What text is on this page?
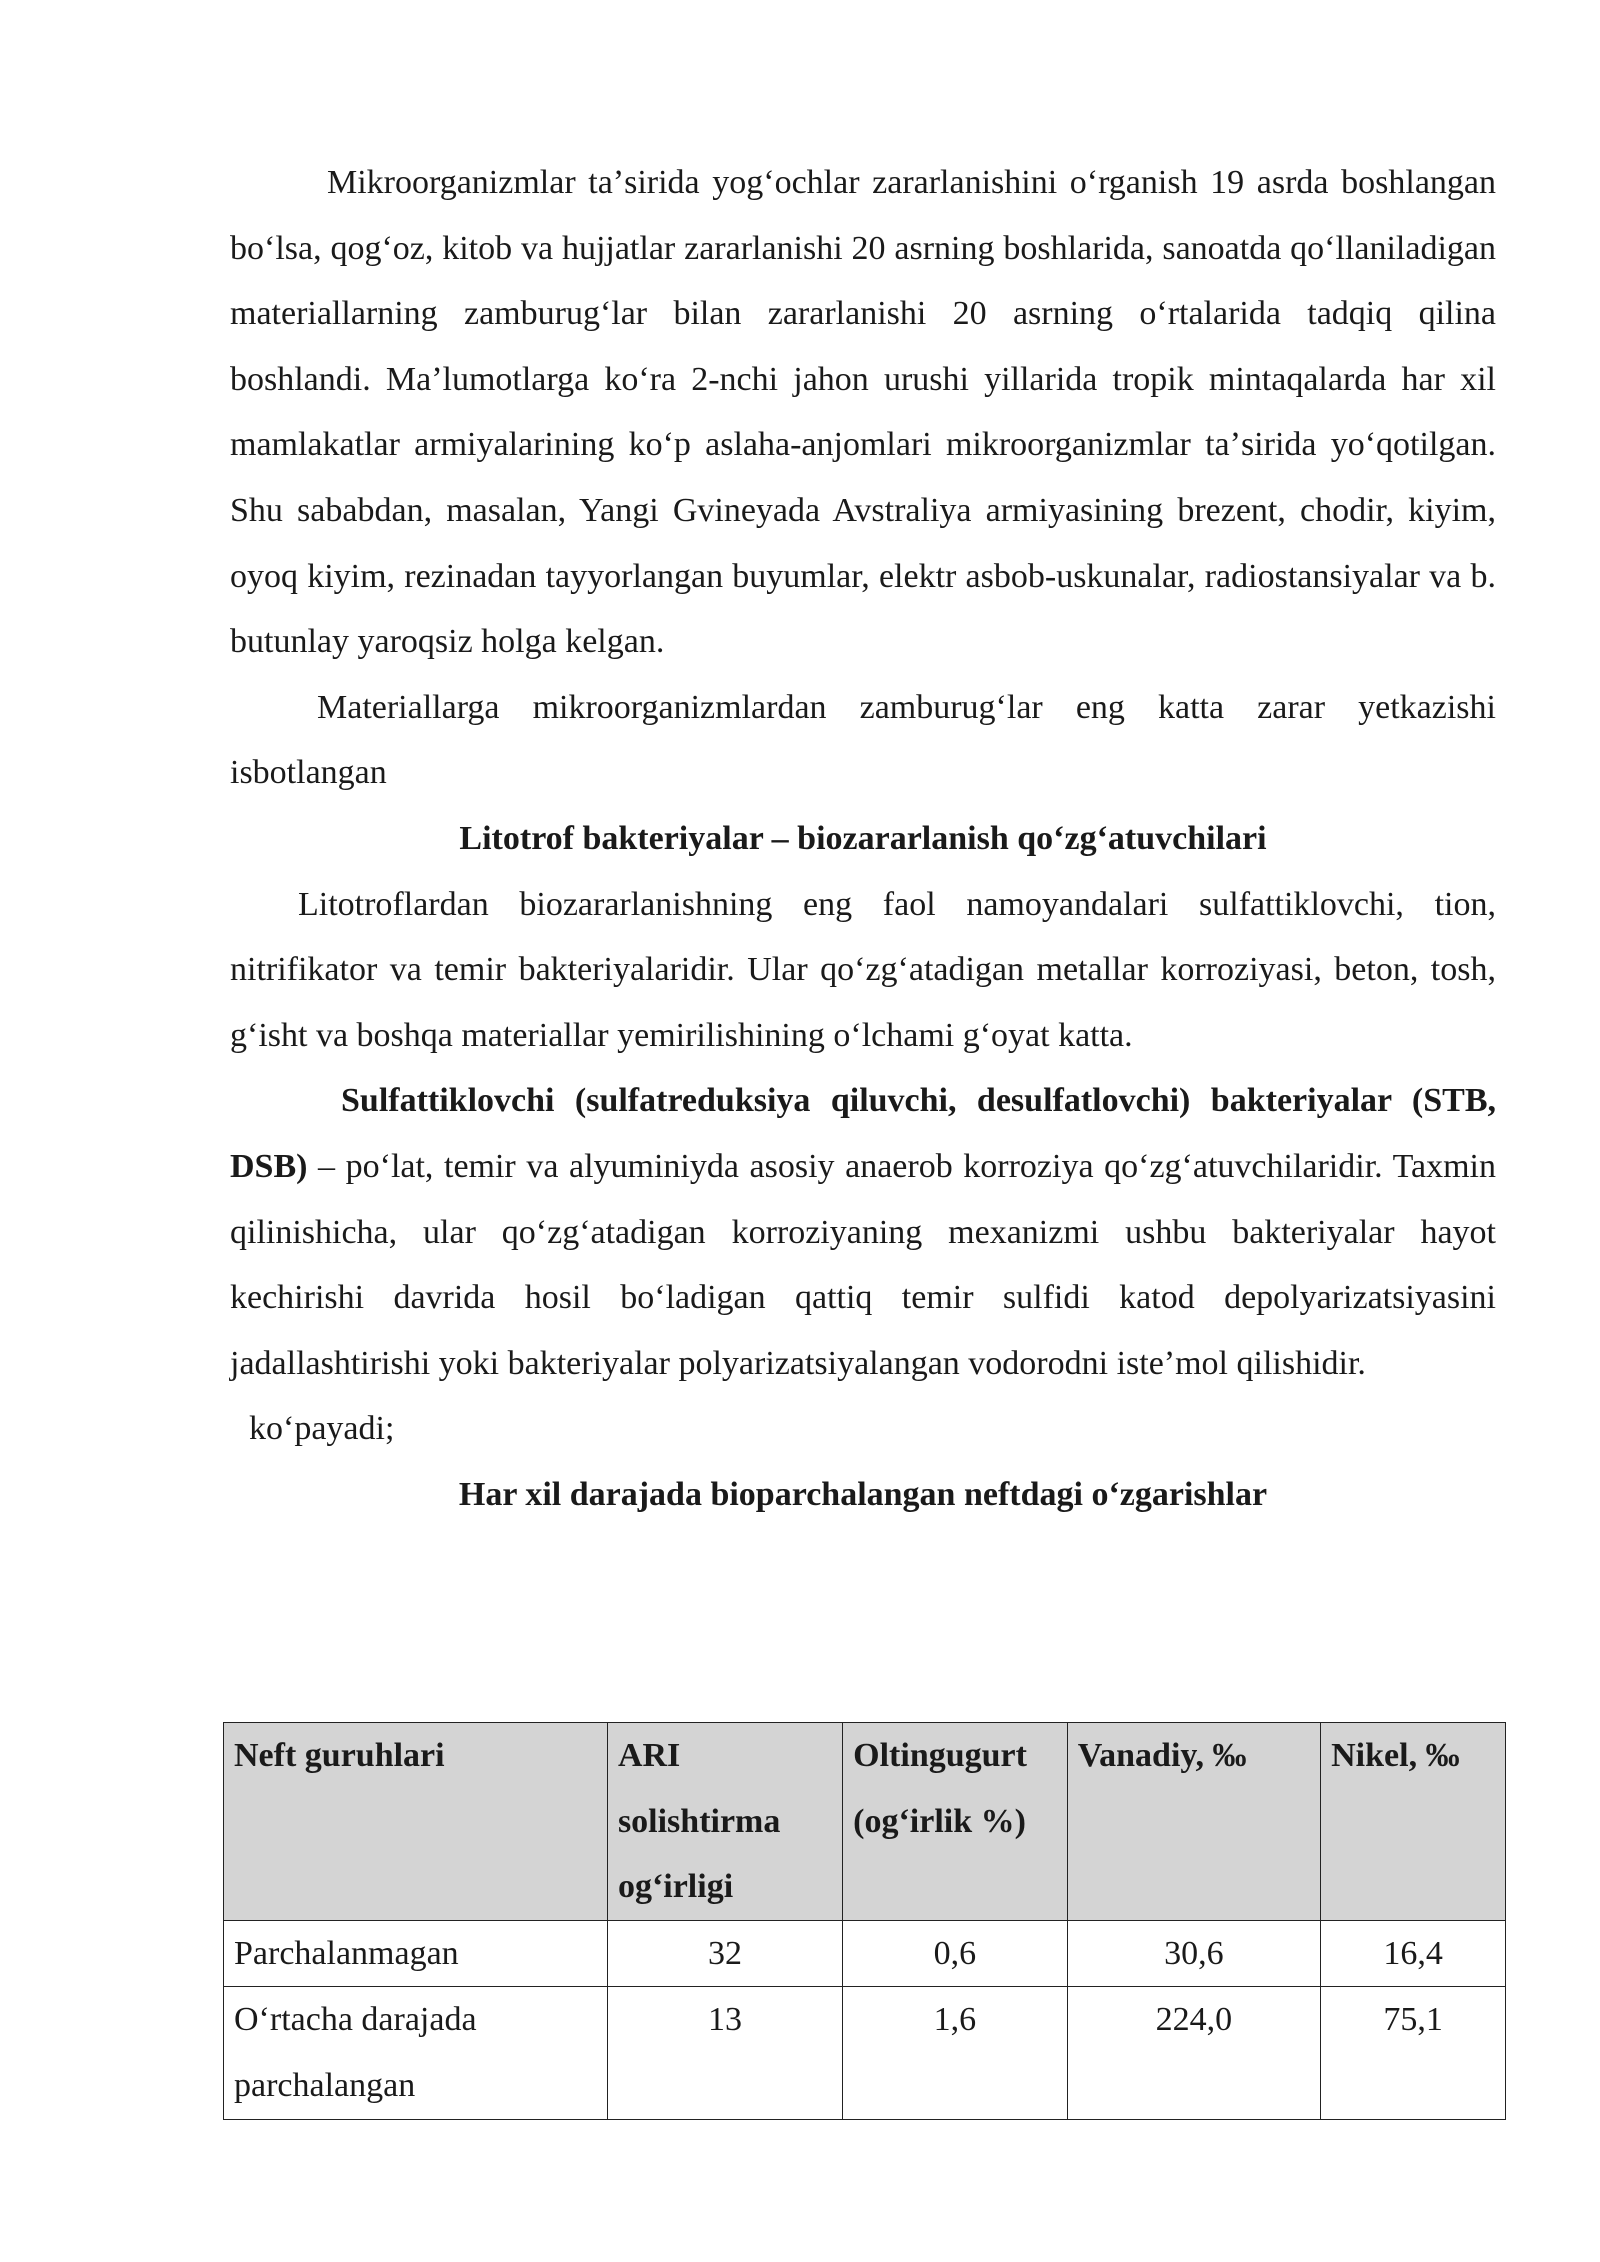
Mikroorganizmlar taʼsirida yogʻochlar zararlanishini oʻrganish 19 asrda boshlangan boʻlsa, qogʻoz, kitob va hujjatlar zararlanishi 20 asrning boshlarida, sanoatda qoʻllaniladigan materiallarning zamburugʻlar bilan zararlanishi 20 asrning oʻrtalarida tadqiq qilina boshlandi. Maʼlumotlarga koʻra 2-nchi jahon urushi yillarida tropik mintaqalarda har xil mamlakatlar armiyalarining koʻp aslaha-anjomlari mikroorganizmlar taʼsirida yoʻqotilgan. Shu sababdan, masalan, Yangi Gvineyada Avstraliya armiyasining brezent, chodir, kiyim, oyoq kiyim, rezinadan tayyorlangan buyumlar, elektr asbob-uskunalar, radiostansiyalar va b. butunlay yaroqsiz holga kelgan.

Materiallarga mikroorganizmlardan zamburugʻlar eng katta zarar yetkazishi isbotlangan

Litotrof bakteriyalar – biozararlanish qoʻzgʻatuvchilari

Litotroflardan biozararlanishning eng faol namoyandalari sulfattiklovchi, tion, nitrifikator va temir bakteriyalaridir. Ular qoʻzgʻatadigan metallar korroziyasi, beton, tosh, gʻisht va boshqa materiallar yemirilishining oʻlchami gʻoyat katta.

Sulfattiklovchi (sulfatreduksiya qiluvchi, desulfatlovchi) bakteriyalar (STB, DSB) – poʻlat, temir va alyuminiyda asosiy anaerob korroziya qoʻzgʻatuvchilaridir. Taxmin qilinishicha, ular qoʻzgʻatadigan korroziyaning mexanizmi ushbu bakteriyalar hayot kechirishi davrida hosil boʻladigan qattiq temir sulfidi katod depolyarizatsiyasini jadallashtirishi yoki bakteriyalar polyarizatsiyalangan vodorodni isteʼmol qilishidir.

koʻpayadi;

Har xil darajada bioparchalangan neftdagi oʻzgarishlar

Neft guruhlari	ARI solishtirma ogʻirligi	Oltingugurt (ogʻirlik %)	Vanadiy, ‰	Nikel, ‰
Parchalanmagan	32	0,6	30,6	16,4
Oʻrtacha darajada parchalangan	13	1,6	224,0	75,1
